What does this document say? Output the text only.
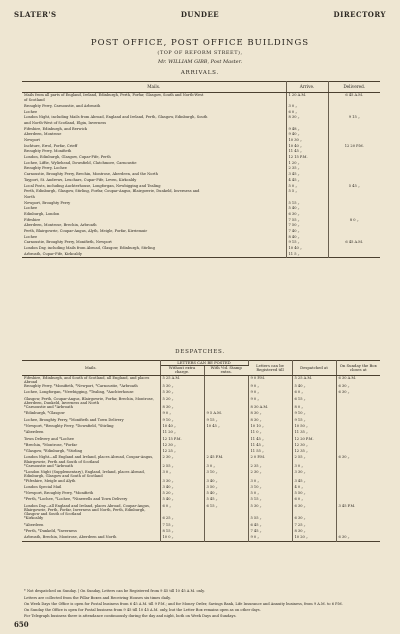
SLATER'S	DUNDEE	DIRECTORY
POST OFFICE, POST OFFICE BUILDINGS
(TOP OF REFORM STREET),
Mr. WILLIAM GIBB, Post Master.
ARRIVALS.
Mails.	Arrive.	Delivered.
Mails from all parts of England, Ireland, Edinburgh, Perth, Forfar, Glasgow, South and North-West	1 20 A.M.	6 45 A.M.
of Scotland		
Broughty Ferry, Carnoustie, and Arbroath	3 0 „	
Lochee	6 0 „	
London Night, including Mails from Abroad, England and Ireland, Perth, Glasgow, Edinburgh, South	8 30 „	9 15 „
and North-West of Scotland, Elgin, Inverness		
Fifeshire, Edinburgh, and Berwick	9 48 „	
Aberdeen, Montrose	9 40 „	
Newport	10 30 „	
Inchture, Errol, Forfar, Crieff	10 40 „	12 20 P.M.
Broughty Ferry, Monifieth	11 45 „	
London, Edinburgh, Glasgow, Cupar-Fife, Perth	12 15 P.M.	
Lochee, Liffie, Wyliehead, Downfield, Clatchmore, Carnoustie	1 20 „	
Broughty Ferry, Lochee	2 35 „	
Carnoustie, Broughty Ferry, Brechin, Montrose, Aberdeen, and the North	3 45 „	
Tayport, St. Andrews, Leuchars, Cupar-Fife, Leven, Kirkcaldy	4 45 „	
Local Posts, including Auchterhouse, Longforgan, Newbigging and Tealing	5 0 „	5 45 „
Perth, Edinburgh, Glasgow, Stirling, Forfar, Coupar-Angus, Blairgowrie, Dunkeld, Inverness and	5 5 „	
North		
Newport, Broughty Ferry	5 15 „	
Lochee	5 40 „	
Edinburgh, London	6 30 „	
Fifeshire	7 55 „	8 0 „
Aberdeen, Montrose, Brechin, Arbroath	7 50 „	
Perth, Blairgowrie, Coupar-Angus, Alyth, Meigle, Forfar, Kirriemuir	7 40 „	
Lochee	8 40 „	
Carnoustie, Broughty Ferry, Monifieth, Newport	9 15 „	6 45 A.M.
London Day, including Mails from Abroad, Glasgow, Edinburgh, Stirling	10 40 „	
Arbroath, Cupar-Fife, Kirkcaldy	11 5 „	
DESPATCHES.
Mails.	LETTERS CAN BE POSTED		Letters can be Registered till	Despatched at	On Sunday the Box closes at
	Without extra charge.	With ½d. Stamp extra.			
Fifeshire, Edinburgh, and South of Scotland, all England, and places Abroad	5 25 A.M.		9 0 P.M.	5 25 A.M.	6 30 A.M.
Broughty Ferry, *Monifieth, *Newport, *Carnoustie, *Arbroath	5 30 „		9 0 „	5 40 „	6 30 „
Lochee, Longforgan, *Newbigging, *Tealing, *Auchterhouse	5 30 „		9 0 „	6 0 „	6 30 „
Glasgow, Perth, Coupar-Angus, Blairgowrie, Forfar, Brechin, Montrose, Aberdeen, Dunkeld, Inverness and North	5 20 „		9 0 „	6 15 „	
*Carnoustie and *Arbroath	8 30 „		8 30 A.M.	8 0 „	
*Edinburgh, *Glasgow	9 0 „	9 5 A.M.	8 30 „	9 10 „	
Lochee, Broughty Ferry, *Monifieth and Town Delivery	9 10 „	9 15 „	8 30 „	9 15 „	
*Newport, *Broughty Ferry, *Downfield, *Stirling	10 40 „	10 45 „	10 10 „	10 50 „	
*Aberdeen	11 20 „		11 0 „	11 35 „	
Town Delivery and *Lochee	12 15 P.M.		11 45 „	12 20 P.M.	
*Brechin, *Montrose, *Forfar	12 30 „		11 45 „	12 30 „	
*Glasgow, *Edinburgh, *Stirling	12 25 „		11 55 „	12 35 „	
London Night—all England and Ireland, places Abroad, Coupar-Angus, Blairgowrie, Perth and South of Scotland	2 30 „	2 45 P.M.	2 0 P.M.	2 55 „	6 30 „
*Carnoustie and *Arbroath	2 55 „	3 0 „	2 35 „	3 0 „	
*London Night (Supplementary), England, Ireland, places Abroad, Edinburgh, Glasgow and South of Scotland	3 0 „	3 10 „	2 30 „	3 30 „	
*Fifeshire, Meigle and Alyth	3 30 „	3 40 „	3 0 „	3 45 „	
London Special Mail	3 40 „	3 50 „	3 10 „	4 0 „	
*Newport, Broughty Ferry, *Monifieth	5 20 „	5 40 „	5 0 „	5 50 „	
*Perth, *Lochee, *Lochee, *Ninewells and Town Delivery	5 40 „	5 45 „	5 15 „	6 0 „	
London Day—all England and Ireland, places Abroad, Coupar-Angus, Blairgowrie, Perth, Forfar, Inverness and North, Perth, Edinburgh, Glasgow and South of Scotland	6 0 „	6 15 „	5 30 „	6 30 „	3 45 P.M.
*Kirkcaldy	6 25 „		5 55 „	6 30 „	
*Aberdeen	7 15 „		6 45 „	7 25 „	
*Perth, *Dunkeld, *Inverness	8 15 „		7 45 „	8 30 „	
Arbroath, Brechin, Montrose, Aberdeen and North	10 0 „		9 0 „	10 20 „	6 30 „
* Not despatched on Sunday. | On Sunday, Letters can be Registered from 9 45 till 10 45 A.M. only.
Letters are collected from the Pillar Boxes and Receiving Houses six times daily.
On Week Days the Office is open for Postal business from 6 45 A.M. till 9 P.M.; and for Money Order, Savings Bank, Life Insurance and Annuity business, from 9 A.M. to 6 P.M.
On Sunday the Office is open for Postal business from 9 45 till 10 45 A.M. only, but the Letter Box remains open as on other days.
For Telegraph business there is attendance continuously during the day and night, both on Week Days and Sundays.
650
